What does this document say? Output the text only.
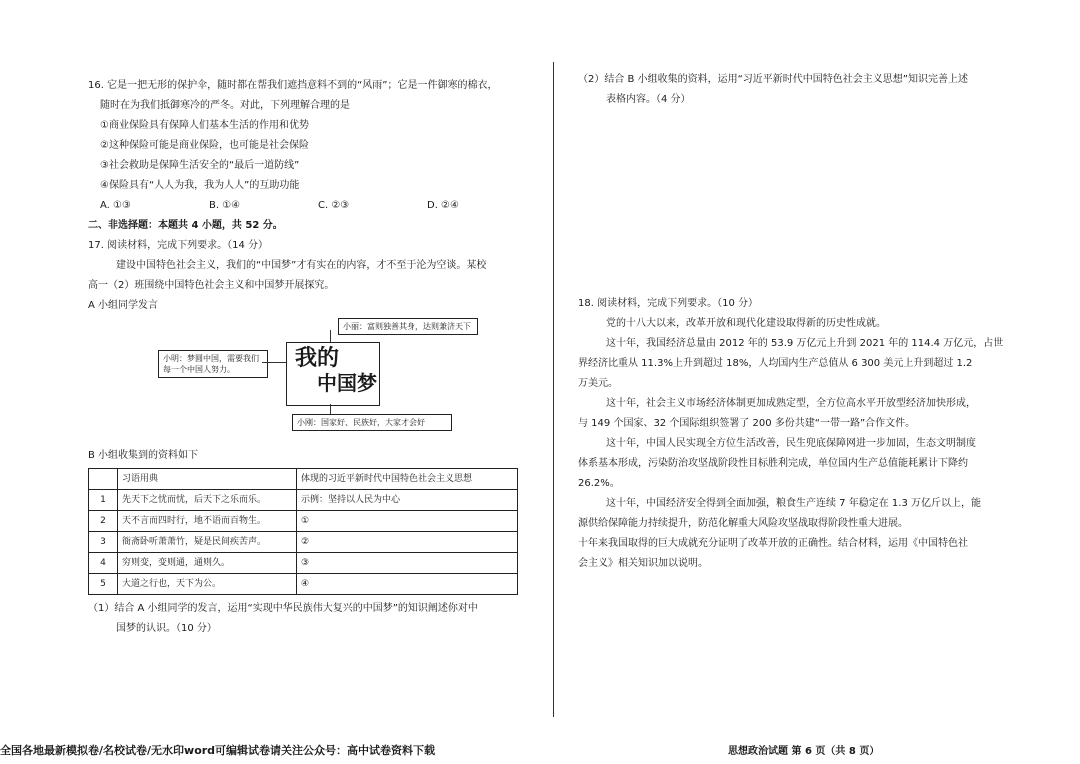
16. 它是一把无形的保护伞，随时都在帮我们遮挡意料不到的“风雨”；它是一件御寒的棉衣，
随时在为我们抵御寒冷的严冬。对此，下列理解合理的是
①商业保险具有保障人们基本生活的作用和优势
②这种保险可能是商业保险，也可能是社会保险
③社会救助是保障生活安全的“最后一道防线”
④保险具有“人人为我，我为人人”的互助功能
A. ①③	B. ①④	C. ②③	D. ②④
二、非选择题：本题共 4 小题，共 52 分。
17. 阅读材料，完成下列要求。（14 分）
建设中国特色社会主义，我们的“中国梦”才有实在的内容，才不至于沦为空谈。某校
高一（2）班围绕中国特色社会主义和中国梦开展探究。
A 小组同学发言
小丽：富则独善其身，达则兼济天下
小明：梦圆中国，需要我们每一个中国人努力。
小刚：国家好、民族好，大家才会好
我的
中国梦
B 小组收集到的资料如下
	习语用典	体现的习近平新时代中国特色社会主义思想
1	先天下之忧而忧，后天下之乐而乐。	示例：坚持以人民为中心
2	天不言而四时行，地不语而百物生。	①
3	衙斋卧听萧萧竹，疑是民间疾苦声。	②
4	穷则变，变则通，通则久。	③
5	大道之行也，天下为公。	④
（1）结合 A 小组同学的发言，运用“实现中华民族伟大复兴的中国梦”的知识阐述你对中
国梦的认识。（10 分）
（2）结合 B 小组收集的资料，运用“习近平新时代中国特色社会主义思想”知识完善上述
表格内容。（4 分）
18. 阅读材料，完成下列要求。（10 分）
党的十八大以来，改革开放和现代化建设取得新的历史性成就。
这十年，我国经济总量由 2012 年的 53.9 万亿元上升到 2021 年的 114.4 万亿元，占世
界经济比重从 11.3%上升到超过 18%，人均国内生产总值从 6 300 美元上升到超过 1.2
万美元。
这十年，社会主义市场经济体制更加成熟定型，全方位高水平开放型经济加快形成，
与 149 个国家、32 个国际组织签署了 200 多份共建“一带一路”合作文件。
这十年，中国人民实现全方位生活改善，民生兜底保障网进一步加固，生态文明制度
体系基本形成，污染防治攻坚战阶段性目标胜利完成，单位国内生产总值能耗累计下降约
26.2%。
这十年，中国经济安全得到全面加强，粮食生产连续 7 年稳定在 1.3 万亿斤以上，能
源供给保障能力持续提升，防范化解重大风险攻坚战取得阶段性重大进展。
十年来我国取得的巨大成就充分证明了改革开放的正确性。结合材料，运用《中国特色社
会主义》相关知识加以说明。
全国各地最新模拟卷/名校试卷/无水印word可编辑试卷请关注公众号：高中试卷资料下载	思想政治试题 第 6 页（共 8 页）
